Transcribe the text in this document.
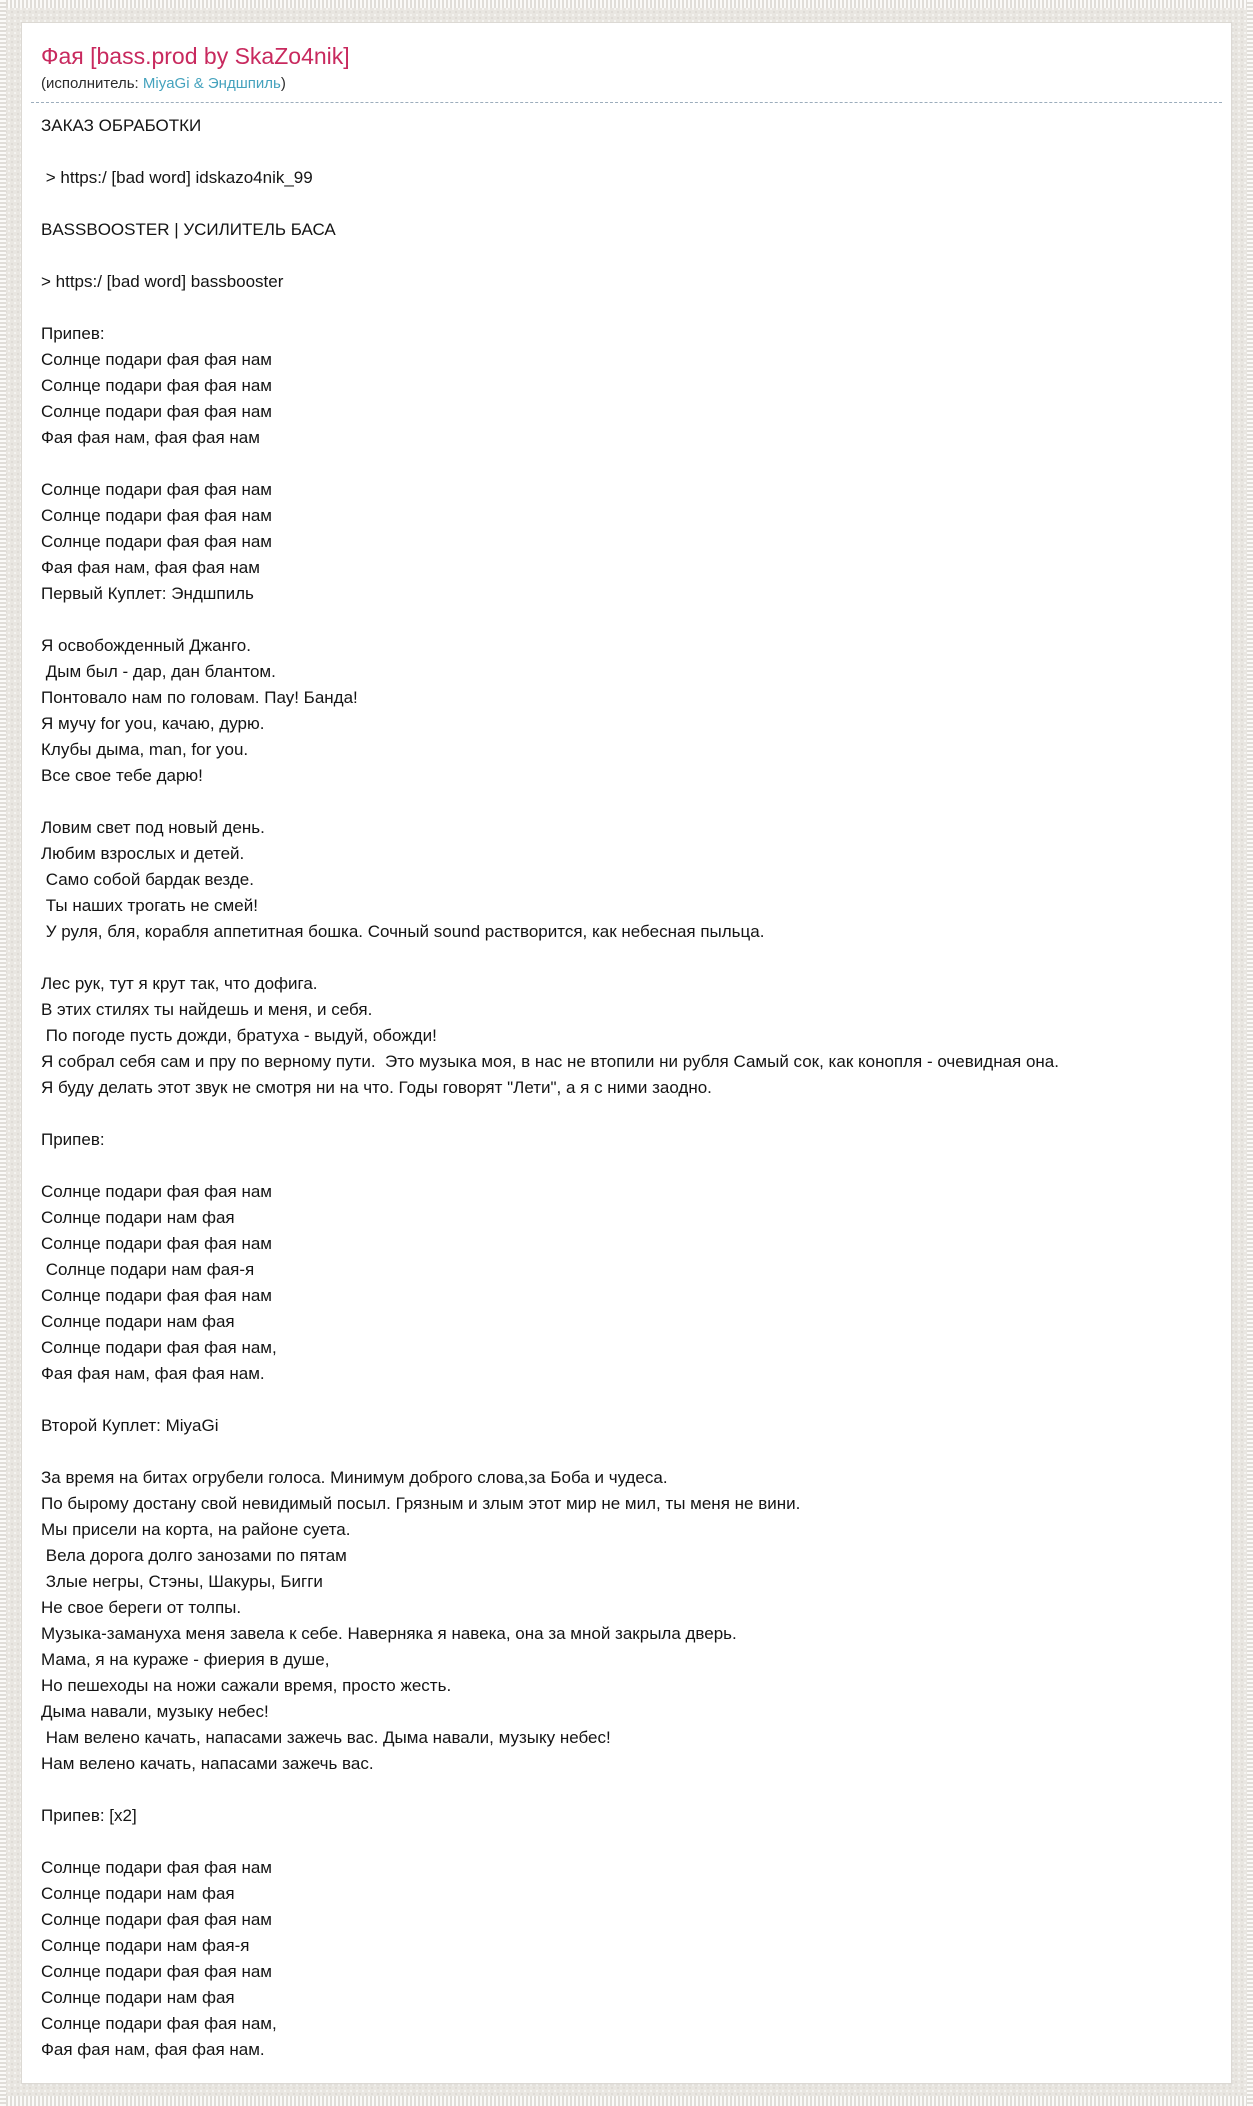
Фая [bass.prod by SkaZo4nik]
(исполнитель: MiyaGi & Эндшпиль)
ЗАКАЗ ОБРАБОТКИ

> https:/ [bad word] idskazo4nik_99

BASSBOOSTER | УСИЛИТЕЛЬ БАСА

> https:/ [bad word] bassbooster

Припев:
Солнце подари фая фая нам
Солнце подари фая фая нам
Солнце подари фая фая нам
Фая фая нам, фая фая нам

Солнце подари фая фая нам
Солнце подари фая фая нам
Солнце подари фая фая нам
Фая фая нам, фая фая нам
Первый Куплет: Эндшпиль

Я освобожденный Джанго.
Дым был - дар, дан блантом.
Понтовало нам по головам. Пау! Банда!
Я мучу for you, качаю, дурю.
Клубы дыма, man, for you.
Все свое тебе дарю!

Ловим свет под новый день.
Любим взрослых и детей.
Само собой бардак везде.
Ты наших трогать не смей!
У руля, бля, корабля аппетитная бошка. Сочный sound растворится, как небесная пыльца.

Лес рук, тут я крут так, что дофига.
В этих стилях ты найдешь и меня, и себя.
По погоде пусть дожди, братуха - выдуй, обожди!
Я собрал себя сам и пру по верному пути.  Это музыка моя, в нас не втопили ни рубля Самый сок, как конопля - очевидная она.
Я буду делать этот звук не смотря ни на что. Годы говорят "Лети", а я с ними заодно.

Припев:

Солнце подари фая фая нам
Солнце подари нам фая
Солнце подари фая фая нам
Солнце подари нам фая-я
Солнце подари фая фая нам
Солнце подари нам фая
Солнце подари фая фая нам,
Фая фая нам, фая фая нам.

Второй Куплет: MiyaGi

За время на битах огрубели голоса. Минимум доброго слова,за Боба и чудеса.
По бырому достану свой невидимый посыл. Грязным и злым этот мир не мил, ты меня не вини.
Мы присели на корта, на районе суета.
Вела дорога долго занозами по пятам
Злые негры, Стэны, Шакуры, Бигги
Не свое береги от толпы.
Музыка-замануха меня завела к себе. Наверняка я навека, она за мной закрыла дверь.
Мама, я на кураже - фиерия в душе,
Но пешеходы на ножи сажали время, просто жесть.
Дыма навали, музыку небес!
Нам велено качать, напасами зажечь вас. Дыма навали, музыку небес!
Нам велено качать, напасами зажечь вас.

Припев: [x2]

Солнце подари фая фая нам
Солнце подари нам фая
Солнце подари фая фая нам
Солнце подари нам фая-я
Солнце подари фая фая нам
Солнце подари нам фая
Солнце подари фая фая нам,
Фая фая нам, фая фая нам.
